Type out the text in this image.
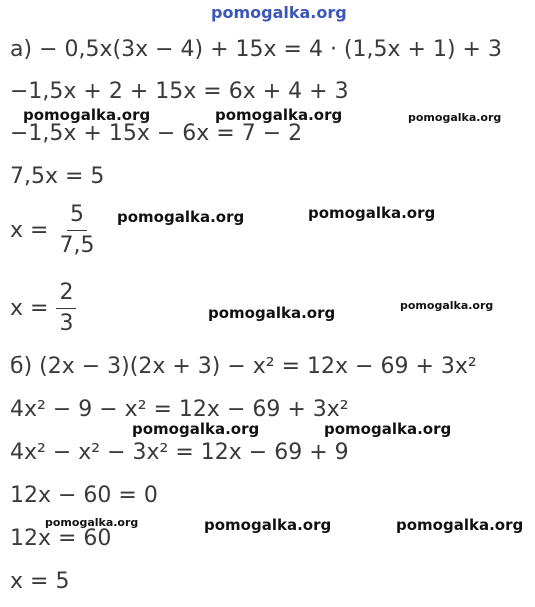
pomogalka.org
а) − 0,5x(3x − 4) + 15x = 4 · (1,5x + 1) + 3
−1,5x + 2 + 15x = 6x + 4 + 3
−1,5x + 15x − 6x = 7 − 2
7,5x = 5
$x = \frac{5}{7,5}$
$x = \frac{2}{3}$
б) (2x − 3)(2x + 3) − x² = 12x − 69 + 3x²
4x² − 9 − x² = 12x − 69 + 3x²
4x² − x² − 3x² = 12x − 69 + 9
12x − 60 = 0
12x = 60
x = 5
pomogalka.org	pomogalka.org	pomogalka.org
pomogalka.org	pomogalka.org
pomogalka.org	pomogalka.org
pomogalka.org	pomogalka.org
pomogalka.org	pomogalka.org	pomogalka.org
